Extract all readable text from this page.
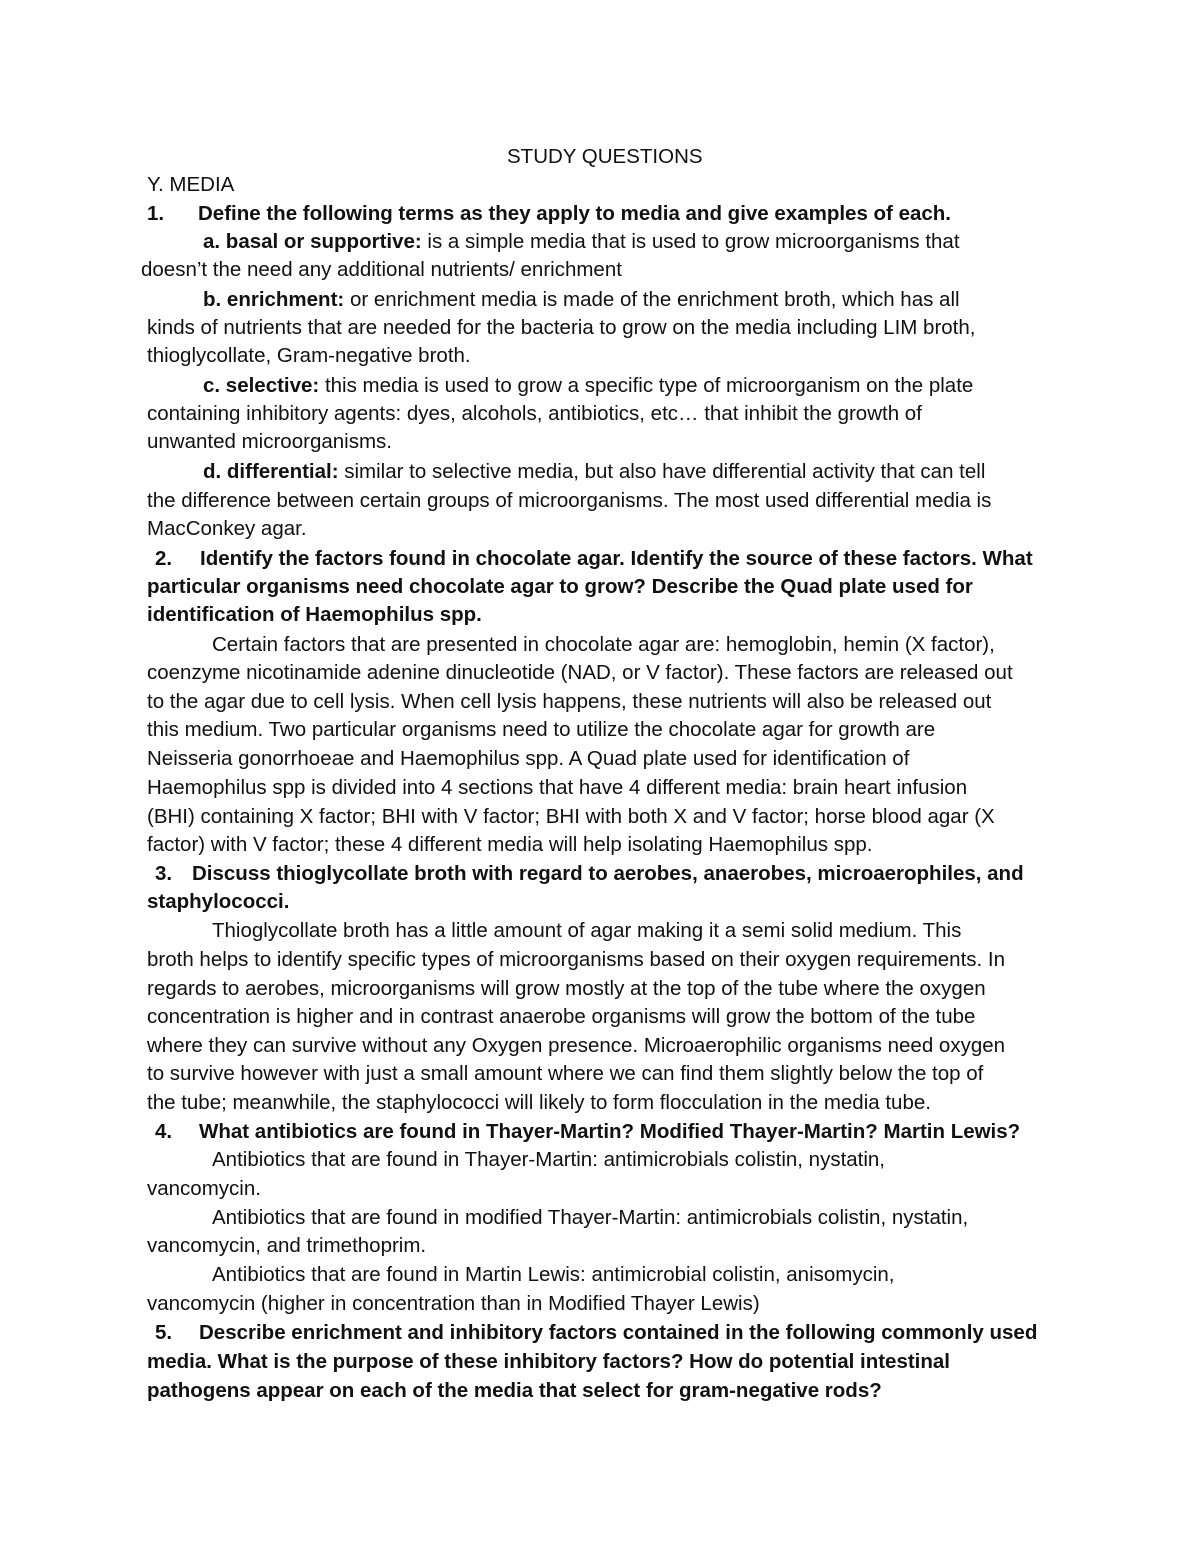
STUDY QUESTIONS
Y. MEDIA
1. Define the following terms as they apply to media and give examples of each.
a. basal or supportive: is a simple media that is used to grow microorganisms that
doesn’t the need any additional nutrients/ enrichment
b. enrichment: or enrichment media is made of the enrichment broth, which has all
kinds of nutrients that are needed for the bacteria to grow on the media including LIM broth,
thioglycollate, Gram-negative broth.
c. selective: this media is used to grow a specific type of microorganism on the plate
containing inhibitory agents: dyes, alcohols, antibiotics, etc… that inhibit the growth of
unwanted microorganisms.
d. differential: similar to selective media, but also have differential activity that can tell
the difference between certain groups of microorganisms. The most used differential media is
MacConkey agar.
2. Identify the factors found in chocolate agar. Identify the source of these factors. What
particular organisms need chocolate agar to grow? Describe the Quad plate used for
identification of Haemophilus spp.
Certain factors that are presented in chocolate agar are: hemoglobin, hemin (X factor),
coenzyme nicotinamide adenine dinucleotide (NAD, or V factor). These factors are released out
to the agar due to cell lysis. When cell lysis happens, these nutrients will also be released out
this medium. Two particular organisms need to utilize the chocolate agar for growth are
Neisseria gonorrhoeae and Haemophilus spp. A Quad plate used for identification of
Haemophilus spp is divided into 4 sections that have 4 different media: brain heart infusion
(BHI) containing X factor; BHI with V factor; BHI with both X and V factor; horse blood agar (X
factor) with V factor; these 4 different media will help isolating Haemophilus spp.
3. Discuss thioglycollate broth with regard to aerobes, anaerobes, microaerophiles, and
staphylococci.
Thioglycollate broth has a little amount of agar making it a semi solid medium. This
broth helps to identify specific types of microorganisms based on their oxygen requirements. In
regards to aerobes, microorganisms will grow mostly at the top of the tube where the oxygen
concentration is higher and in contrast anaerobe organisms will grow the bottom of the tube
where they can survive without any Oxygen presence. Microaerophilic organisms need oxygen
to survive however with just a small amount where we can find them slightly below the top of
the tube; meanwhile, the staphylococci will likely to form flocculation in the media tube.
4. What antibiotics are found in Thayer-Martin? Modified Thayer-Martin? Martin Lewis?
Antibiotics that are found in Thayer-Martin: antimicrobials colistin, nystatin,
vancomycin.
Antibiotics that are found in modified Thayer-Martin: antimicrobials colistin, nystatin,
vancomycin, and trimethoprim.
Antibiotics that are found in Martin Lewis: antimicrobial colistin, anisomycin,
vancomycin (higher in concentration than in Modified Thayer Lewis)
5. Describe enrichment and inhibitory factors contained in the following commonly used
media. What is the purpose of these inhibitory factors? How do potential intestinal
pathogens appear on each of the media that select for gram-negative rods?
